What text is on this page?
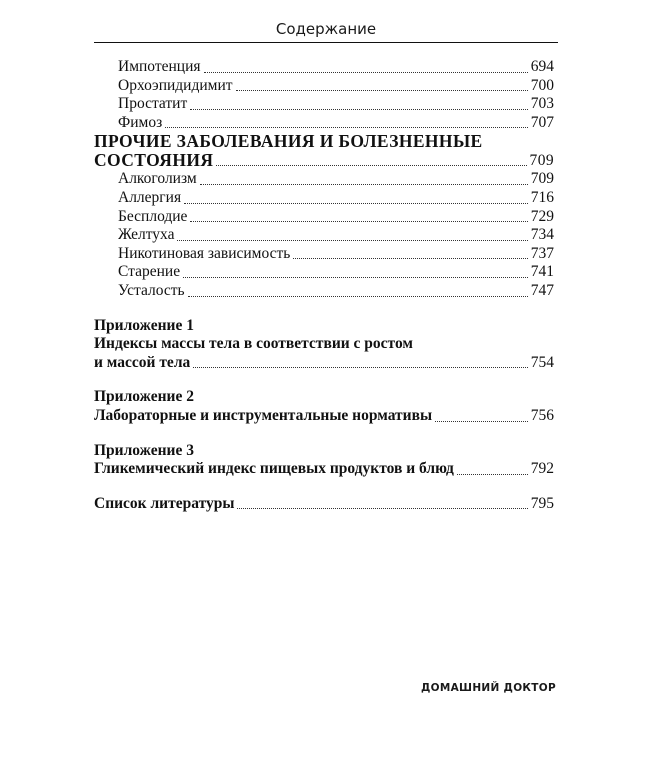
Содержание
Импотенция	694
Орхоэпидидимит	700
Простатит	703
Фимоз	707
ПРОЧИЕ ЗАБОЛЕВАНИЯ И БОЛЕЗНЕННЫЕ
СОСТОЯНИЯ	709
Алкоголизм	709
Аллергия	716
Бесплодие	729
Желтуха	734
Никотиновая зависимость	737
Старение	741
Усталость	747
Приложение 1
Индексы массы тела в соответствии с ростом
и массой тела	754
Приложение 2
Лабораторные и инструментальные нормативы	756
Приложение 3
Гликемический индекс пищевых продуктов и блюд	792
Список литературы	795
ДОМАШНИЙ ДОКТОР
